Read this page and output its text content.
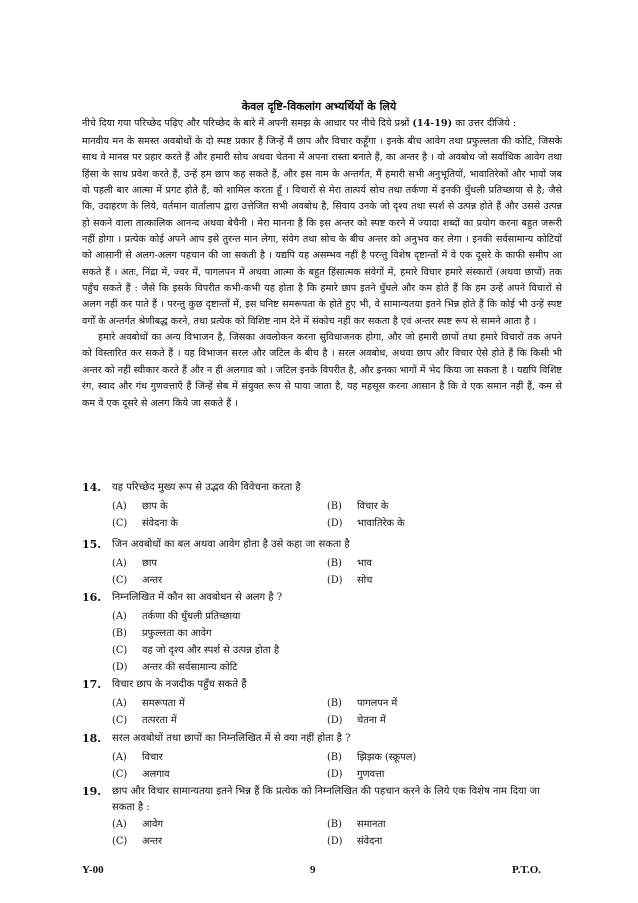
केवल दृष्टि-विकलांग अभ्यर्थियों के लिये
नीचे दिया गया परिच्छेद पढ़िए और परिच्छेद के बारे में अपनी समझ के आधार पर नीचे दिये प्रश्नों (14-19) का उत्तर दीजिये :

मानवीय मन के समस्त अवबोधों के दो स्पष्ट प्रकार हैं जिन्हें मैं छाप और विचार कहूँगा । इनके बीच आवेग तथा प्रफुल्लता की कोटि, जिसके साथ वे मानस पर प्रहार करते हैं और हमारी सोच अथवा चेतना में अपना रास्ता बनाते हैं, का अन्तर है । वो अवबोध जो सर्वाधिक आवेग तथा हिंसा के साथ प्रवेश करते हैं, उन्हें हम छाप कह सकते हैं, और इस नाम के अन्तर्गत, मैं हमारी सभी अनुभूतियों, भावातिरेकों और भावों जब वो पहली बार आत्मा में प्रगट होते हैं, को शामिल करता हूँ । विचारों से मेरा तात्पर्य सोच तथा तर्कणा में इनकी धुँधली प्रतिच्छाया से है; जैसे कि, उदाहरण के लिये, वर्तमान वार्तालाप द्वारा उत्तेजित सभी अवबोध है, सिवाय उनके जो दृश्य तथा स्पर्श से उत्पन्न होते हैं और उससे उत्पन्न हो सकने वाला तात्कालिक आनन्द अथवा बेचैनी । मेरा मानना है कि इस अन्तर को स्पष्ट करने में ज्यादा शब्दों का प्रयोग करना बहुत जरूरी नहीं होगा । प्रत्येक कोई अपने आप इसे तुरन्त मान लेगा, संवेग तथा सोच के बीच अन्तर को अनुभव कर लेगा । इनकी सर्वसामान्य कोटियों को आसानी से अलग-अलग पहचान की जा सकती है । यद्यपि यह असम्भव नहीं है परन्तु विशेष दृष्टान्तों में वे एक दूसरे के काफी समीप आ सकते हैं । अतः, निंद्रा में, ज्वर में, पागलपन में अथवा आत्मा के बहुत हिंसात्मक संवेगों में, हमारे विचार हमारे संस्कारों (अथवा छापों) तक पहुँच सकते हैं : जैसे कि इसके विपरीत कभी-कभी यह होता है कि हमारे छाप इतने धुँधले और कम होते हैं कि हम उन्हें अपने विचारों से अलग नहीं कर पाते हैं । परन्तु कुछ दृष्टान्तों में, इस घनिष्ट समरूपता के होते हुए भी, वे सामान्यतया इतने भिन्न होते हैं कि कोई भी उन्हें स्पष्ट वर्गों के अन्तर्गत श्रेणीबद्ध करने, तथा प्रत्येक को विशिष्ट नाम देने में संकोच नहीं कर सकता है एवं अन्तर स्पष्ट रूप से सामने आता है ।

हमारे अवबोधों का अन्य विभाजन है, जिसका अवलोकन करना सुविधाजनक होगा, और जो हमारी छापों तथा हमारे विचारों तक अपने को विस्तारित कर सकते हैं । यह विभाजन सरल और जटिल के बीच है । सरल अवबोध, अथवा छाप और विचार ऐसे होते हैं कि किसी भी अन्तर को नहीं स्वीकार करते हैं और न ही अलगाव को । जटिल इनके विपरीत है, और इनका भागों में भेद किया जा सकता है । यद्यपि विशिष्ट रंग, स्वाद और गंध गुणवत्ताएँ हैं जिन्हें सेब में संयुक्त रूप से पाया जाता है, यह महसूस करना आसान है कि वे एक समान नहीं हैं, कम से कम वे एक दूसरे से अलग किये जा सकते हैं ।

14. यह परिच्छेद मुख्य रूप से उद्भव की विवेचना करता है
(A) छाप के	(B) विचार के
(C) संवेदना के	(D) भावातिरेक के
15. जिन अवबोधों का बल अथवा आवेग होता है उसे कहा जा सकता है
(A) छाप	(B) भाव
(C) अन्तर	(D) सोच
16. निम्नलिखित में कौन सा अवबोधन से अलग है ?
(A) तर्कणा की धुँधली प्रतिच्छाया
(B) प्रफुल्लता का आवेग
(C) वह जो दृश्य और स्पर्श से उत्पन्न होता है
(D) अन्तर की सर्वसामान्य कोटि
17. विचार छाप के नजदीक पहुँच सकते हैं
(A) समरूपता में	(B) पागलपन में
(C) तत्परता में	(D) चेतना में
18. सरल अवबोधों तथा छापों का निम्नलिखित में से क्या नहीं होता है ?
(A) विचार	(B) झिझक (स्क्रूपल)
(C) अलगाव	(D) गुणवत्ता
19. छाप और विचार सामान्यतया इतने भिन्न हैं कि प्रत्येक को निम्नलिखित की पहचान करने के लिये एक विशेष नाम दिया जा सकता है :
(A) आवेग	(B) समानता
(C) अन्तर	(D) संवेदना
Y-00	9	P.T.O.
